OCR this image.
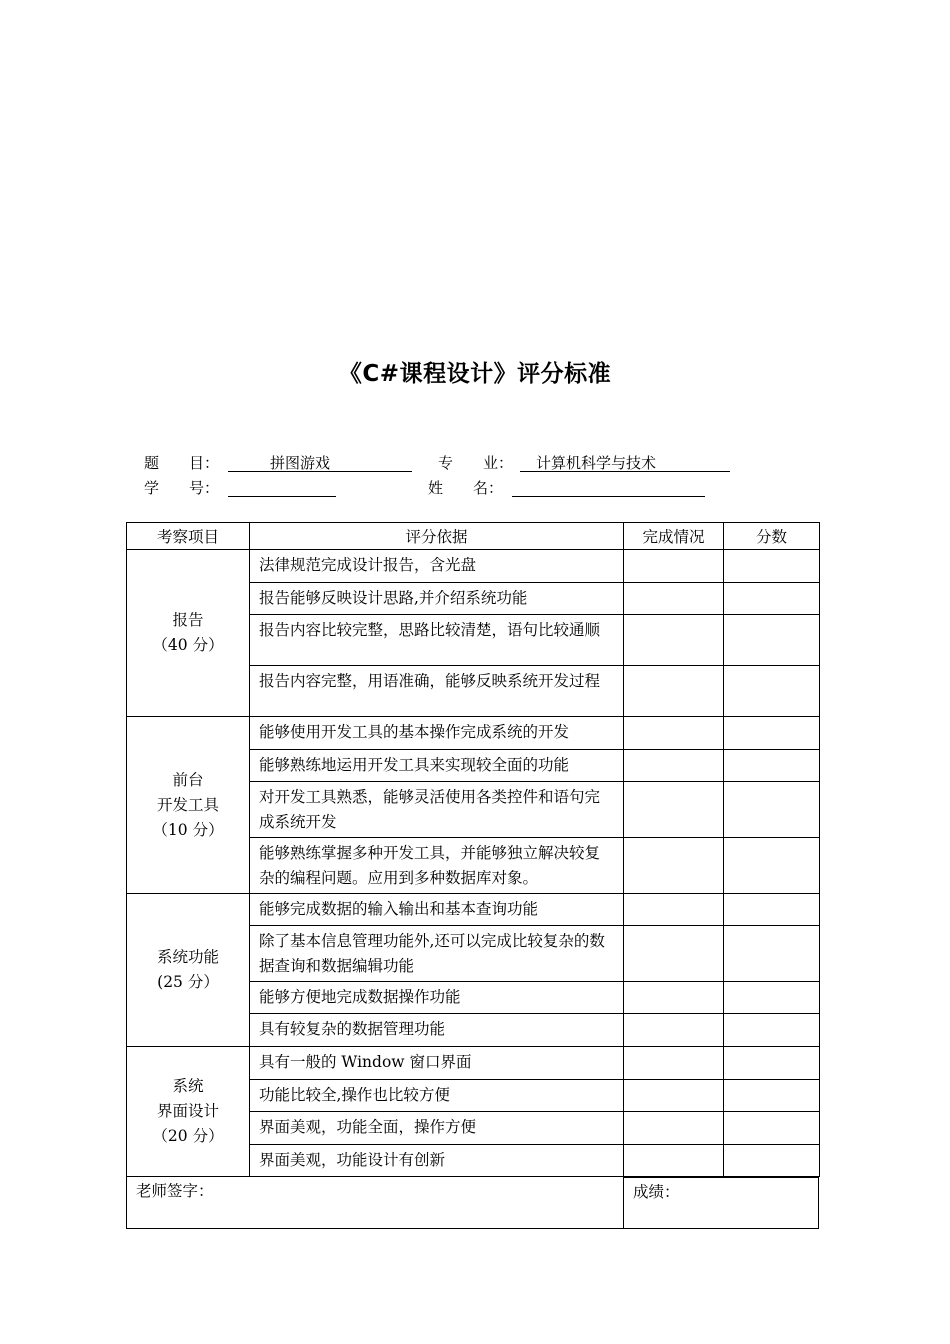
《C#课程设计》评分标准
题　　目：	拼图游戏	专　　业： 计算机科学与技术
学　　号：	姓　　名：
考察项目	评分依据	完成情况	分数

报告
（40 分）	法律规范完成设计报告，含光盘		
	报告能够反映设计思路,并介绍系统功能		
	报告内容比较完整，思路比较清楚，语句比较通顺		
	报告内容完整，用语准确，能够反映系统开发过程		

前台
开发工具
（10 分）	能够使用开发工具的基本操作完成系统的开发		
	能够熟练地运用开发工具来实现较全面的功能		
	对开发工具熟悉，能够灵活使用各类控件和语句完成系统开发		
	能够熟练掌握多种开发工具，并能够独立解决较复杂的编程问题。应用到多种数据库对象。		

系统功能
(25 分）	能够完成数据的输入输出和基本查询功能		
	除了基本信息管理功能外,还可以完成比较复杂的数据查询和数据编辑功能		
	能够方便地完成数据操作功能		
	具有较复杂的数据管理功能		

系统
界面设计
（20 分）	具有一般的 Window 窗口界面		
	功能比较全,操作也比较方便		
	界面美观，功能全面，操作方便		
	界面美观，功能设计有创新		
老师签字：			成绩：
